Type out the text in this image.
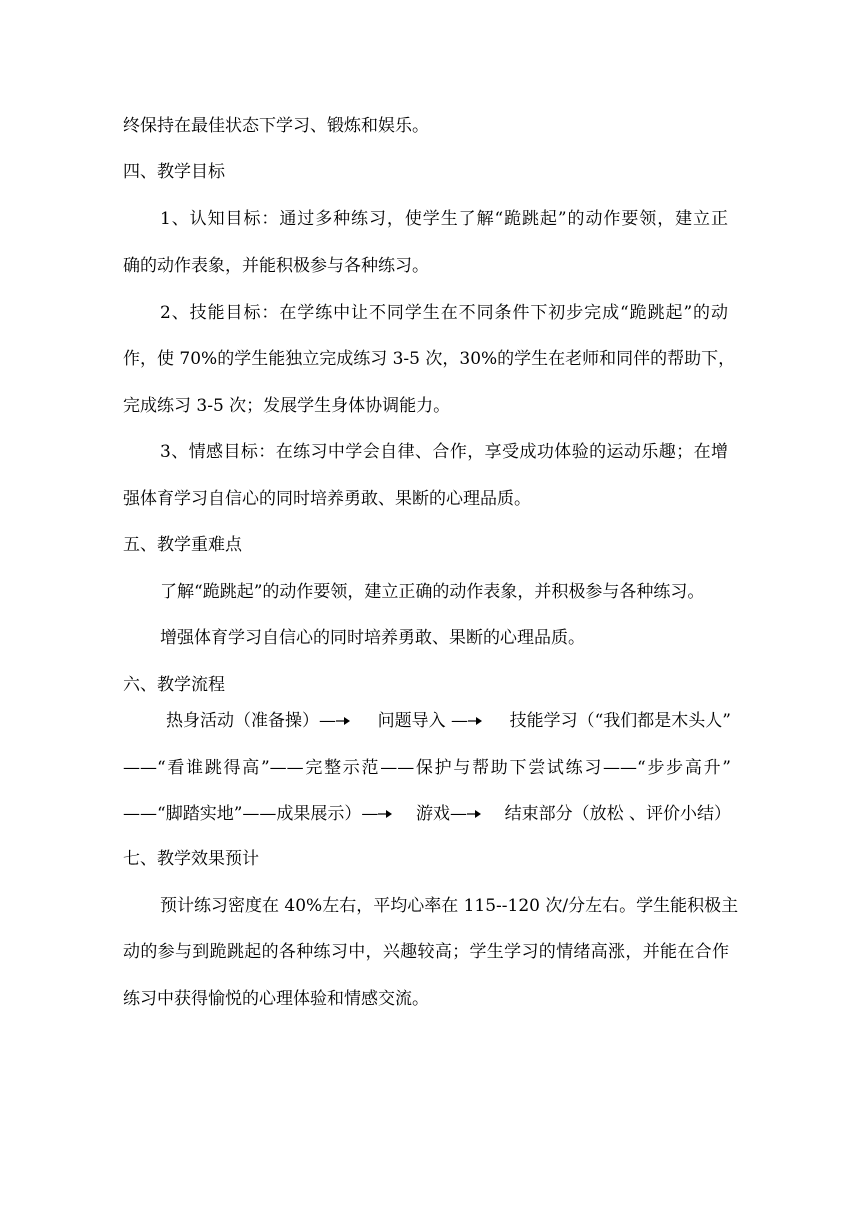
终保持在最佳状态下学习、锻炼和娱乐。
四、教学目标
1、认知目标：通过多种练习，使学生了解“跪跳起”的动作要领，建立正
确的动作表象，并能积极参与各种练习。
2、技能目标：在学练中让不同学生在不同条件下初步完成“跪跳起”的动
作，使 70%的学生能独立完成练习 3-5 次，30%的学生在老师和同伴的帮助下，
完成练习 3-5 次；发展学生身体协调能力。
3、情感目标：在练习中学会自律、合作，享受成功体验的运动乐趣；在增
强体育学习自信心的同时培养勇敢、果断的心理品质。
五、教学重难点
了解“跪跳起”的动作要领，建立正确的动作表象，并积极参与各种练习。
增强体育学习自信心的同时培养勇敢、果断的心理品质。
六、教学流程
热身活动（准备操）—	问题导入 —	技能学习（“我们都是木头人”
——“看谁跳得高”——完整示范——保护与帮助下尝试练习——“步步高升”
——“脚踏实地”——成果展示）—	游戏—	结束部分（放松 、评价小结）
七、教学效果预计
预计练习密度在 40%左右，平均心率在 115--120 次/分左右。学生能积极主
动的参与到跪跳起的各种练习中，兴趣较高；学生学习的情绪高涨，并能在合作
练习中获得愉悦的心理体验和情感交流。
